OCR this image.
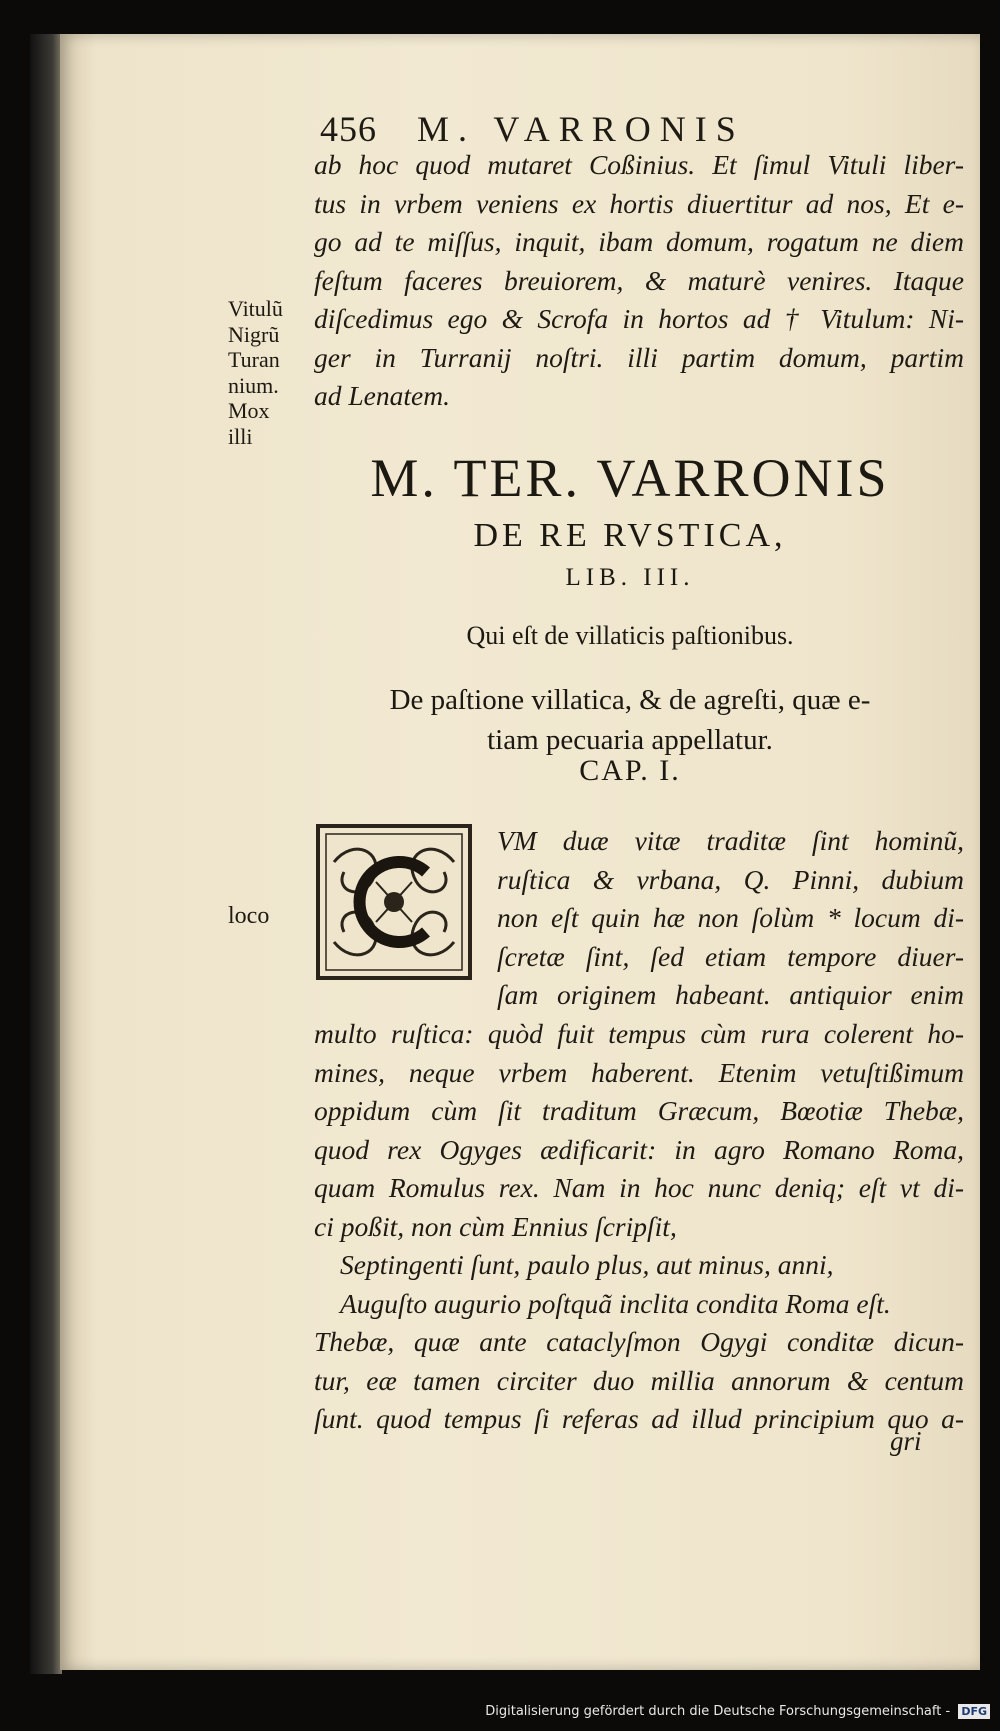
456 M. VARRONIS
ab hoc quod mutaret Coßinius. Et ſimul Vituli liber-
tus in vrbem veniens ex hortis diuertitur ad nos, Et e-
go ad te miſſus, inquit, ibam domum, rogatum ne diem
feſtum faceres breuiorem, & maturè venires. Itaque
diſcedimus ego & Scrofa in hortos ad † Vitulum: Ni-
ger in Turranij noſtri. illi partim domum, partim
ad Lenatem.
Vitulũ
Nigrũ
Turan
nium.
Mox
illi
M. TER. VARRONIS
DE RE RVSTICA,
LIB. III.
Qui eſt de villaticis paſtionibus.
De paſtione villatica, & de agreſti, quæ e-
tiam pecuaria appellatur.
CAP. I.
loco
VM duæ vitæ traditæ ſint hominũ,
ruſtica & vrbana, Q. Pinni, dubium
non eſt quin hæ non ſolùm * locum di-
ſcretæ ſint, ſed etiam tempore diuer-
ſam originem habeant. antiquior enim
multo ruſtica: quòd fuit tempus cùm rura colerent ho-
mines, neque vrbem haberent. Etenim vetuſtißimum
oppidum cùm ſit traditum Græcum, Bœotiæ Thebæ,
quod rex Ogyges ædificarit: in agro Romano Roma,
quam Romulus rex. Nam in hoc nunc deniq; eſt vt di-
ci poßit, non cùm Ennius ſcripſit,
Septingenti ſunt, paulo plus, aut minus, anni,
Auguſto augurio poſtquã inclita condita Roma eſt.
Thebæ, quæ ante cataclyſmon Ogygi conditæ dicun-
tur, eæ tamen circiter duo millia annorum & centum
ſunt. quod tempus ſi referas ad illud principium quo a-
gri
Digitalisierung gefördert durch die Deutsche Forschungsgemeinschaft - DFG
